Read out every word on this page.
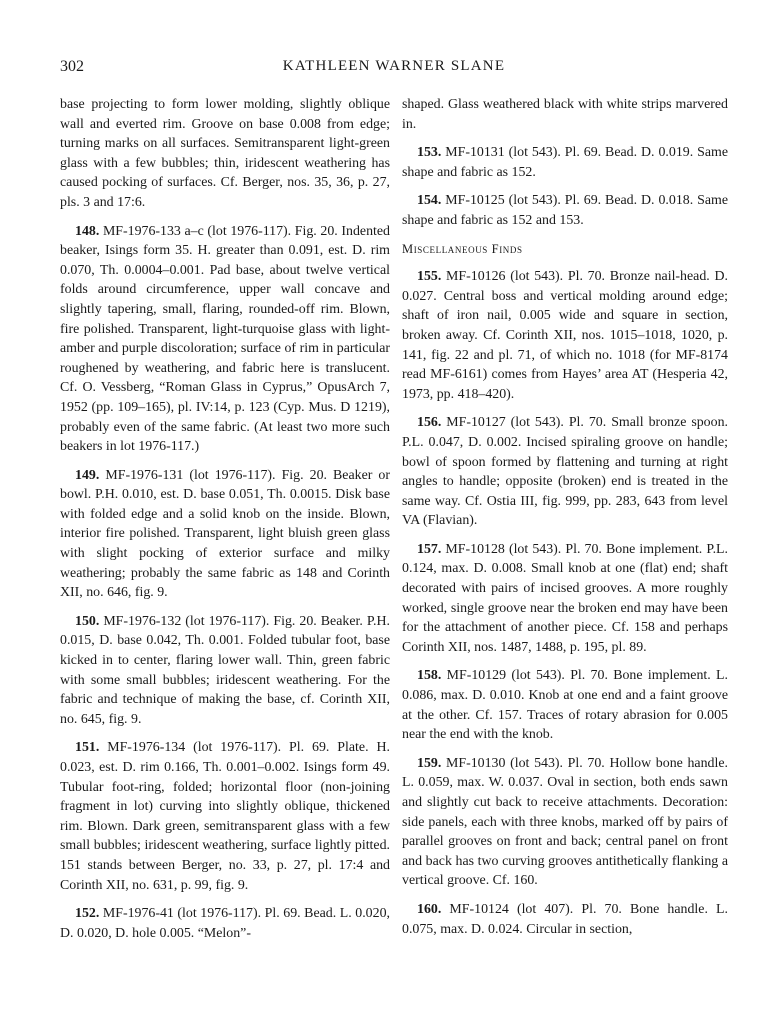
302	KATHLEEN WARNER SLANE

base projecting to form lower molding, slightly oblique wall and everted rim. Groove on base 0.008 from edge; turning marks on all surfaces. Semitransparent light-green glass with a few bubbles; thin, iridescent weathering has caused pocking of surfaces. Cf. Berger, nos. 35, 36, p. 27, pls. 3 and 17:6.

148. MF-1976-133 a–c (lot 1976-117). Fig. 20. Indented beaker, Isings form 35. H. greater than 0.091, est. D. rim 0.070, Th. 0.0004–0.001. Pad base, about twelve vertical folds around circumference, upper wall concave and slightly tapering, small, flaring, rounded-off rim. Blown, fire polished. Transparent, light-turquoise glass with light-amber and purple discoloration; surface of rim in particular roughened by weathering, and fabric here is translucent. Cf. O. Vessberg, “Roman Glass in Cyprus,” OpusArch 7, 1952 (pp. 109–165), pl. IV:14, p. 123 (Cyp. Mus. D 1219), probably even of the same fabric. (At least two more such beakers in lot 1976-117.)

149. MF-1976-131 (lot 1976-117). Fig. 20. Beaker or bowl. P.H. 0.010, est. D. base 0.051, Th. 0.0015. Disk base with folded edge and a solid knob on the inside. Blown, interior fire polished. Transparent, light bluish green glass with slight pocking of exterior surface and milky weathering; probably the same fabric as 148 and Corinth XII, no. 646, fig. 9.

150. MF-1976-132 (lot 1976-117). Fig. 20. Beaker. P.H. 0.015, D. base 0.042, Th. 0.001. Folded tubular foot, base kicked in to center, flaring lower wall. Thin, green fabric with some small bubbles; iridescent weathering. For the fabric and technique of making the base, cf. Corinth XII, no. 645, fig. 9.

151. MF-1976-134 (lot 1976-117). Pl. 69. Plate. H. 0.023, est. D. rim 0.166, Th. 0.001–0.002. Isings form 49. Tubular foot-ring, folded; horizontal floor (non-joining fragment in lot) curving into slightly oblique, thickened rim. Blown. Dark green, semitransparent glass with a few small bubbles; iridescent weathering, surface lightly pitted. 151 stands between Berger, no. 33, p. 27, pl. 17:4 and Corinth XII, no. 631, p. 99, fig. 9.

152. MF-1976-41 (lot 1976-117). Pl. 69. Bead. L. 0.020, D. 0.020, D. hole 0.005. “Melon”-

shaped. Glass weathered black with white strips marvered in.

153. MF-10131 (lot 543). Pl. 69. Bead. D. 0.019. Same shape and fabric as 152.

154. MF-10125 (lot 543). Pl. 69. Bead. D. 0.018. Same shape and fabric as 152 and 153.

Miscellaneous Finds

155. MF-10126 (lot 543). Pl. 70. Bronze nail-head. D. 0.027. Central boss and vertical molding around edge; shaft of iron nail, 0.005 wide and square in section, broken away. Cf. Corinth XII, nos. 1015–1018, 1020, p. 141, fig. 22 and pl. 71, of which no. 1018 (for MF-8174 read MF-6161) comes from Hayes’ area AT (Hesperia 42, 1973, pp. 418–420).

156. MF-10127 (lot 543). Pl. 70. Small bronze spoon. P.L. 0.047, D. 0.002. Incised spiraling groove on handle; bowl of spoon formed by flattening and turning at right angles to handle; opposite (broken) end is treated in the same way. Cf. Ostia III, fig. 999, pp. 283, 643 from level VA (Flavian).

157. MF-10128 (lot 543). Pl. 70. Bone implement. P.L. 0.124, max. D. 0.008. Small knob at one (flat) end; shaft decorated with pairs of incised grooves. A more roughly worked, single groove near the broken end may have been for the attachment of another piece. Cf. 158 and perhaps Corinth XII, nos. 1487, 1488, p. 195, pl. 89.

158. MF-10129 (lot 543). Pl. 70. Bone implement. L. 0.086, max. D. 0.010. Knob at one end and a faint groove at the other. Cf. 157. Traces of rotary abrasion for 0.005 near the end with the knob.

159. MF-10130 (lot 543). Pl. 70. Hollow bone handle. L. 0.059, max. W. 0.037. Oval in section, both ends sawn and slightly cut back to receive attachments. Decoration: side panels, each with three knobs, marked off by pairs of parallel grooves on front and back; central panel on front and back has two curving grooves antithetically flanking a vertical groove. Cf. 160.

160. MF-10124 (lot 407). Pl. 70. Bone handle. L. 0.075, max. D. 0.024. Circular in section,
